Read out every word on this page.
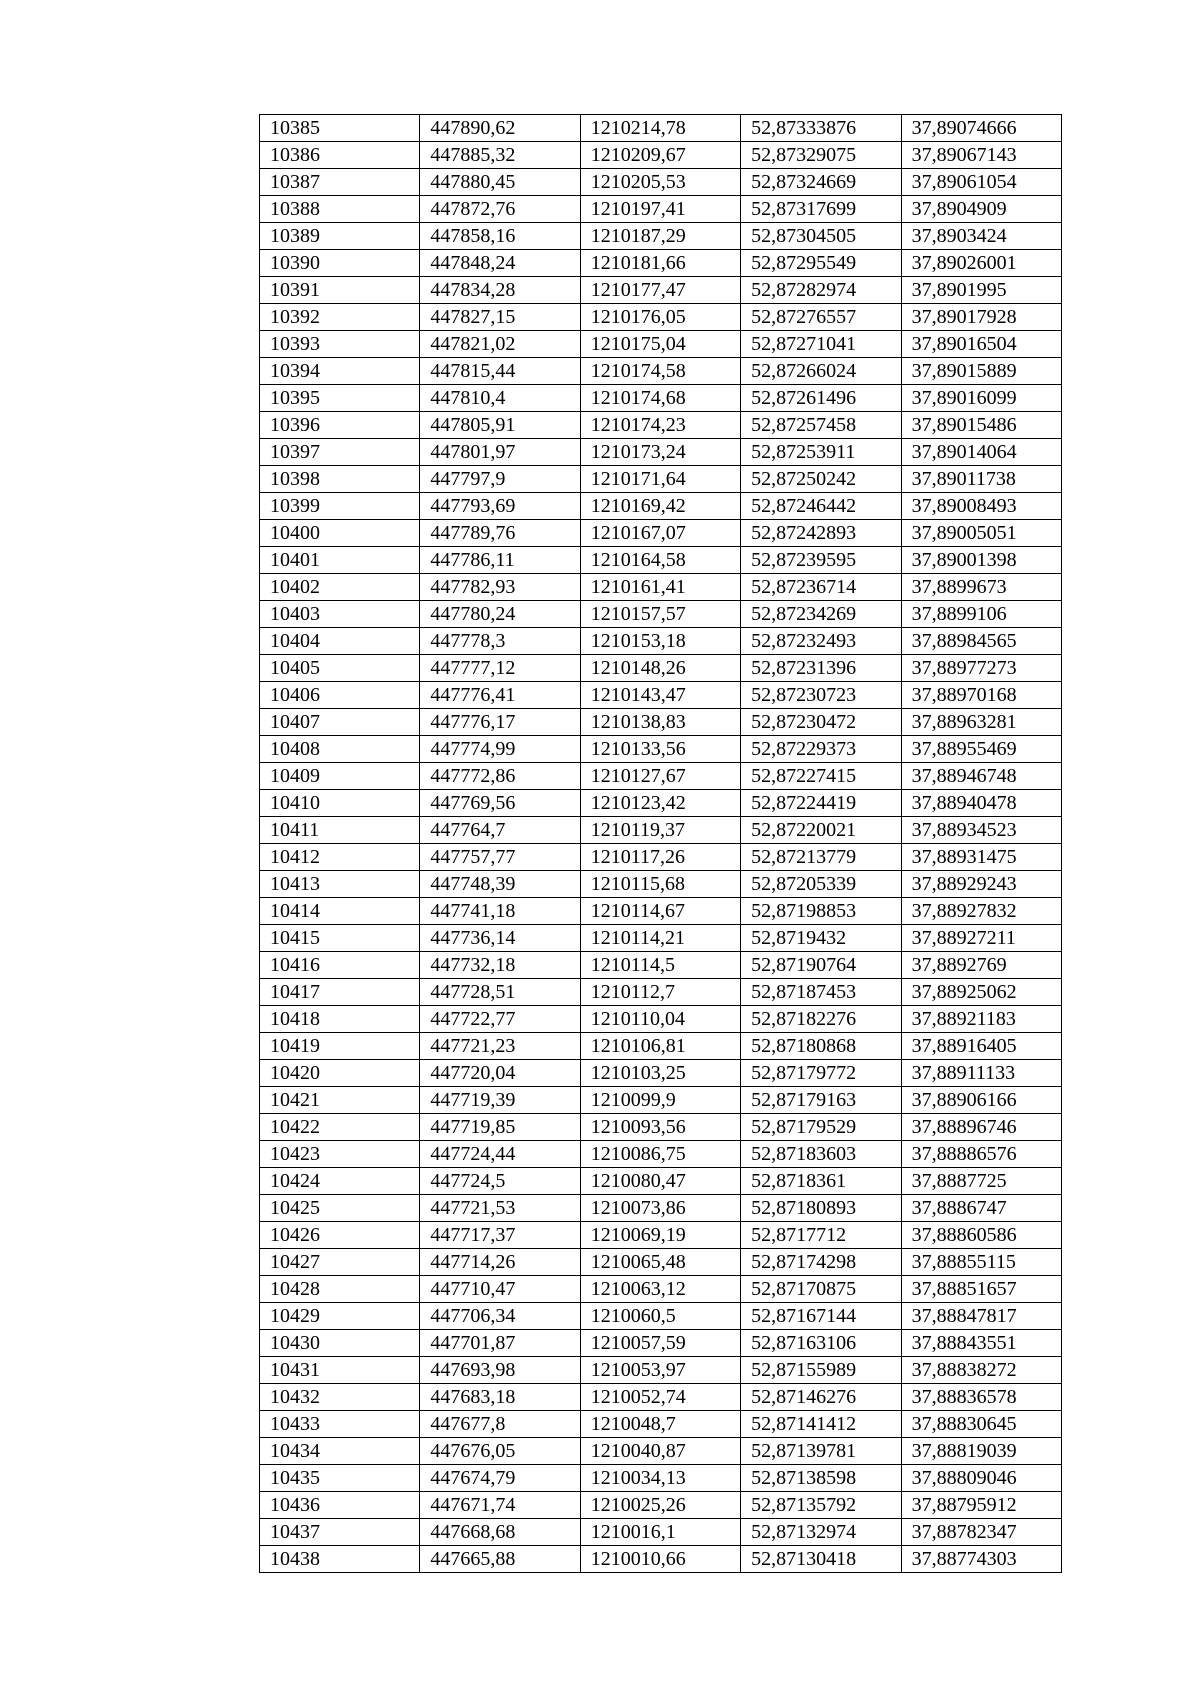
10385	447890,62	1210214,78	52,87333876	37,89074666
10386	447885,32	1210209,67	52,87329075	37,89067143
10387	447880,45	1210205,53	52,87324669	37,89061054
10388	447872,76	1210197,41	52,87317699	37,8904909
10389	447858,16	1210187,29	52,87304505	37,8903424
10390	447848,24	1210181,66	52,87295549	37,89026001
10391	447834,28	1210177,47	52,87282974	37,8901995
10392	447827,15	1210176,05	52,87276557	37,89017928
10393	447821,02	1210175,04	52,87271041	37,89016504
10394	447815,44	1210174,58	52,87266024	37,89015889
10395	447810,4	1210174,68	52,87261496	37,89016099
10396	447805,91	1210174,23	52,87257458	37,89015486
10397	447801,97	1210173,24	52,87253911	37,89014064
10398	447797,9	1210171,64	52,87250242	37,89011738
10399	447793,69	1210169,42	52,87246442	37,89008493
10400	447789,76	1210167,07	52,87242893	37,89005051
10401	447786,11	1210164,58	52,87239595	37,89001398
10402	447782,93	1210161,41	52,87236714	37,8899673
10403	447780,24	1210157,57	52,87234269	37,8899106
10404	447778,3	1210153,18	52,87232493	37,88984565
10405	447777,12	1210148,26	52,87231396	37,88977273
10406	447776,41	1210143,47	52,87230723	37,88970168
10407	447776,17	1210138,83	52,87230472	37,88963281
10408	447774,99	1210133,56	52,87229373	37,88955469
10409	447772,86	1210127,67	52,87227415	37,88946748
10410	447769,56	1210123,42	52,87224419	37,88940478
10411	447764,7	1210119,37	52,87220021	37,88934523
10412	447757,77	1210117,26	52,87213779	37,88931475
10413	447748,39	1210115,68	52,87205339	37,88929243
10414	447741,18	1210114,67	52,87198853	37,88927832
10415	447736,14	1210114,21	52,8719432	37,88927211
10416	447732,18	1210114,5	52,87190764	37,8892769
10417	447728,51	1210112,7	52,87187453	37,88925062
10418	447722,77	1210110,04	52,87182276	37,88921183
10419	447721,23	1210106,81	52,87180868	37,88916405
10420	447720,04	1210103,25	52,87179772	37,88911133
10421	447719,39	1210099,9	52,87179163	37,88906166
10422	447719,85	1210093,56	52,87179529	37,88896746
10423	447724,44	1210086,75	52,87183603	37,88886576
10424	447724,5	1210080,47	52,8718361	37,8887725
10425	447721,53	1210073,86	52,87180893	37,8886747
10426	447717,37	1210069,19	52,8717712	37,88860586
10427	447714,26	1210065,48	52,87174298	37,88855115
10428	447710,47	1210063,12	52,87170875	37,88851657
10429	447706,34	1210060,5	52,87167144	37,88847817
10430	447701,87	1210057,59	52,87163106	37,88843551
10431	447693,98	1210053,97	52,87155989	37,88838272
10432	447683,18	1210052,74	52,87146276	37,88836578
10433	447677,8	1210048,7	52,87141412	37,88830645
10434	447676,05	1210040,87	52,87139781	37,88819039
10435	447674,79	1210034,13	52,87138598	37,88809046
10436	447671,74	1210025,26	52,87135792	37,88795912
10437	447668,68	1210016,1	52,87132974	37,88782347
10438	447665,88	1210010,66	52,87130418	37,88774303
